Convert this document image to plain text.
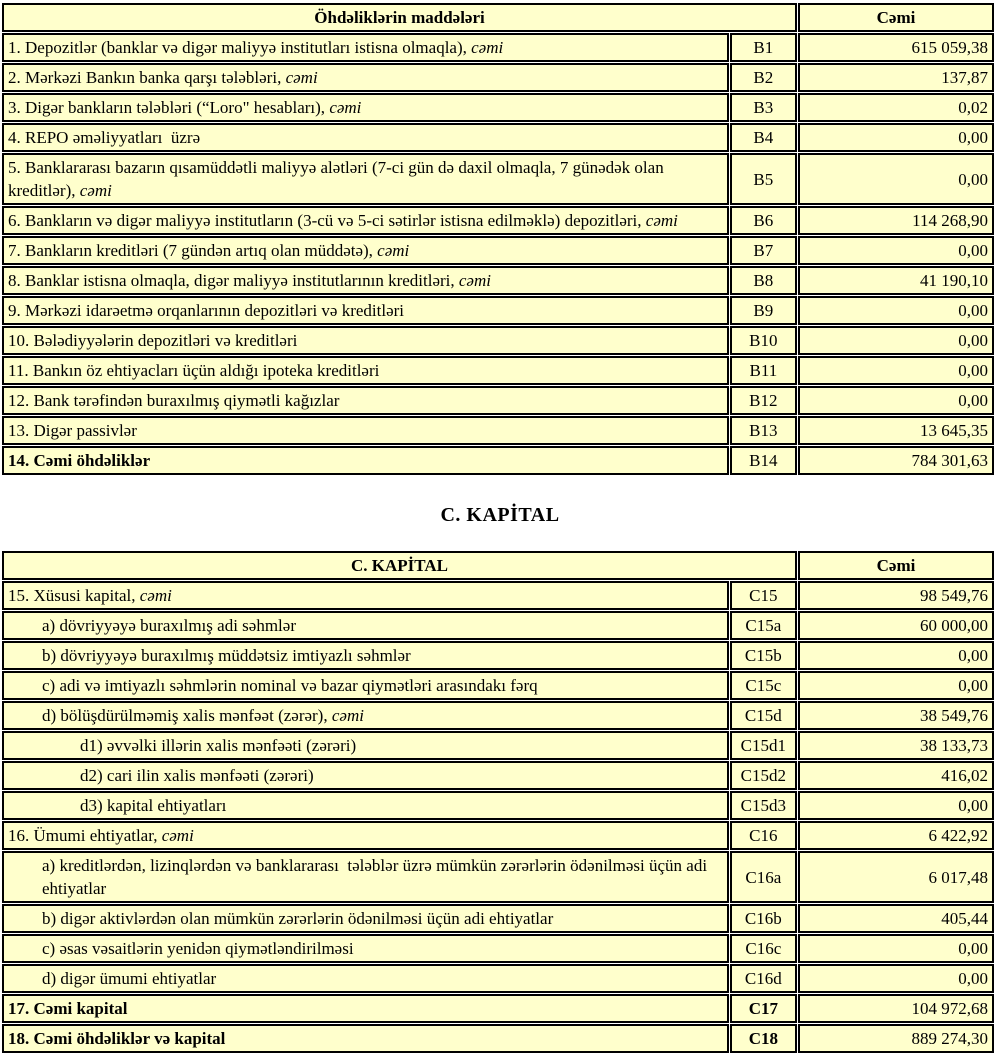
Öhdəliklərin maddələri		Cəmi
1. Depozitlər (banklar və digər maliyyə institutları istisna olmaqla), cəmi	B1	615 059,38
2. Mərkəzi Bankın banka qarşı tələbləri, cəmi	B2	137,87
3. Digər bankların tələbləri (“Loro" hesabları), cəmi	B3	0,02
4. REPO əməliyyatları  üzrə	B4	0,00
5. Banklararası bazarın qısamüddətli maliyyə alətləri (7-ci gün də daxil olmaqla, 7 günədək olan kreditlər), cəmi	B5	0,00
6. Bankların və digər maliyyə institutların (3-cü və 5-ci sətirlər istisna edilməklə) depozitləri, cəmi	B6	114 268,90
7. Bankların kreditləri (7 gündən artıq olan müddətə), cəmi	B7	0,00
8. Banklar istisna olmaqla, digər maliyyə institutlarının kreditləri, cəmi	B8	41 190,10
9. Mərkəzi idarəetmə orqanlarının depozitləri və kreditləri	B9	0,00
10. Bələdiyyələrin depozitləri və kreditləri	B10	0,00
11. Bankın öz ehtiyacları üçün aldığı ipoteka kreditləri	B11	0,00
12. Bank tərəfindən buraxılmış qiymətli kağızlar	B12	0,00
13. Digər passivlər	B13	13 645,35
14. Cəmi öhdəliklər	B14	784 301,63
C. KAPİTAL
C. KAPİTAL		Cəmi
15. Xüsusi kapital, cəmi	C15	98 549,76
a) dövriyyəyə buraxılmış adi səhmlər	C15a	60 000,00
b) dövriyyəyə buraxılmış müddətsiz imtiyazlı səhmlər	C15b	0,00
c) adi və imtiyazlı səhmlərin nominal və bazar qiymətləri arasındakı fərq	C15c	0,00
d) bölüşdürülməmiş xalis mənfəət (zərər), cəmi	C15d	38 549,76
d1) əvvəlki illərin xalis mənfəəti (zərəri)	C15d1	38 133,73
d2) cari ilin xalis mənfəəti (zərəri)	C15d2	416,02
d3) kapital ehtiyatları	C15d3	0,00
16. Ümumi ehtiyatlar, cəmi	C16	6 422,92
a) kreditlərdən, lizinqlərdən və banklararası  tələblər üzrə mümkün zərərlərin ödənilməsi üçün adi ehtiyatlar	C16a	6 017,48
b) digər aktivlərdən olan mümkün zərərlərin ödənilməsi üçün adi ehtiyatlar	C16b	405,44
c) əsas vəsaitlərin yenidən qiymətləndirilməsi	C16c	0,00
d) digər ümumi ehtiyatlar	C16d	0,00
17. Cəmi kapital	C17	104 972,68
18. Cəmi öhdəliklər və kapital	C18	889 274,30
